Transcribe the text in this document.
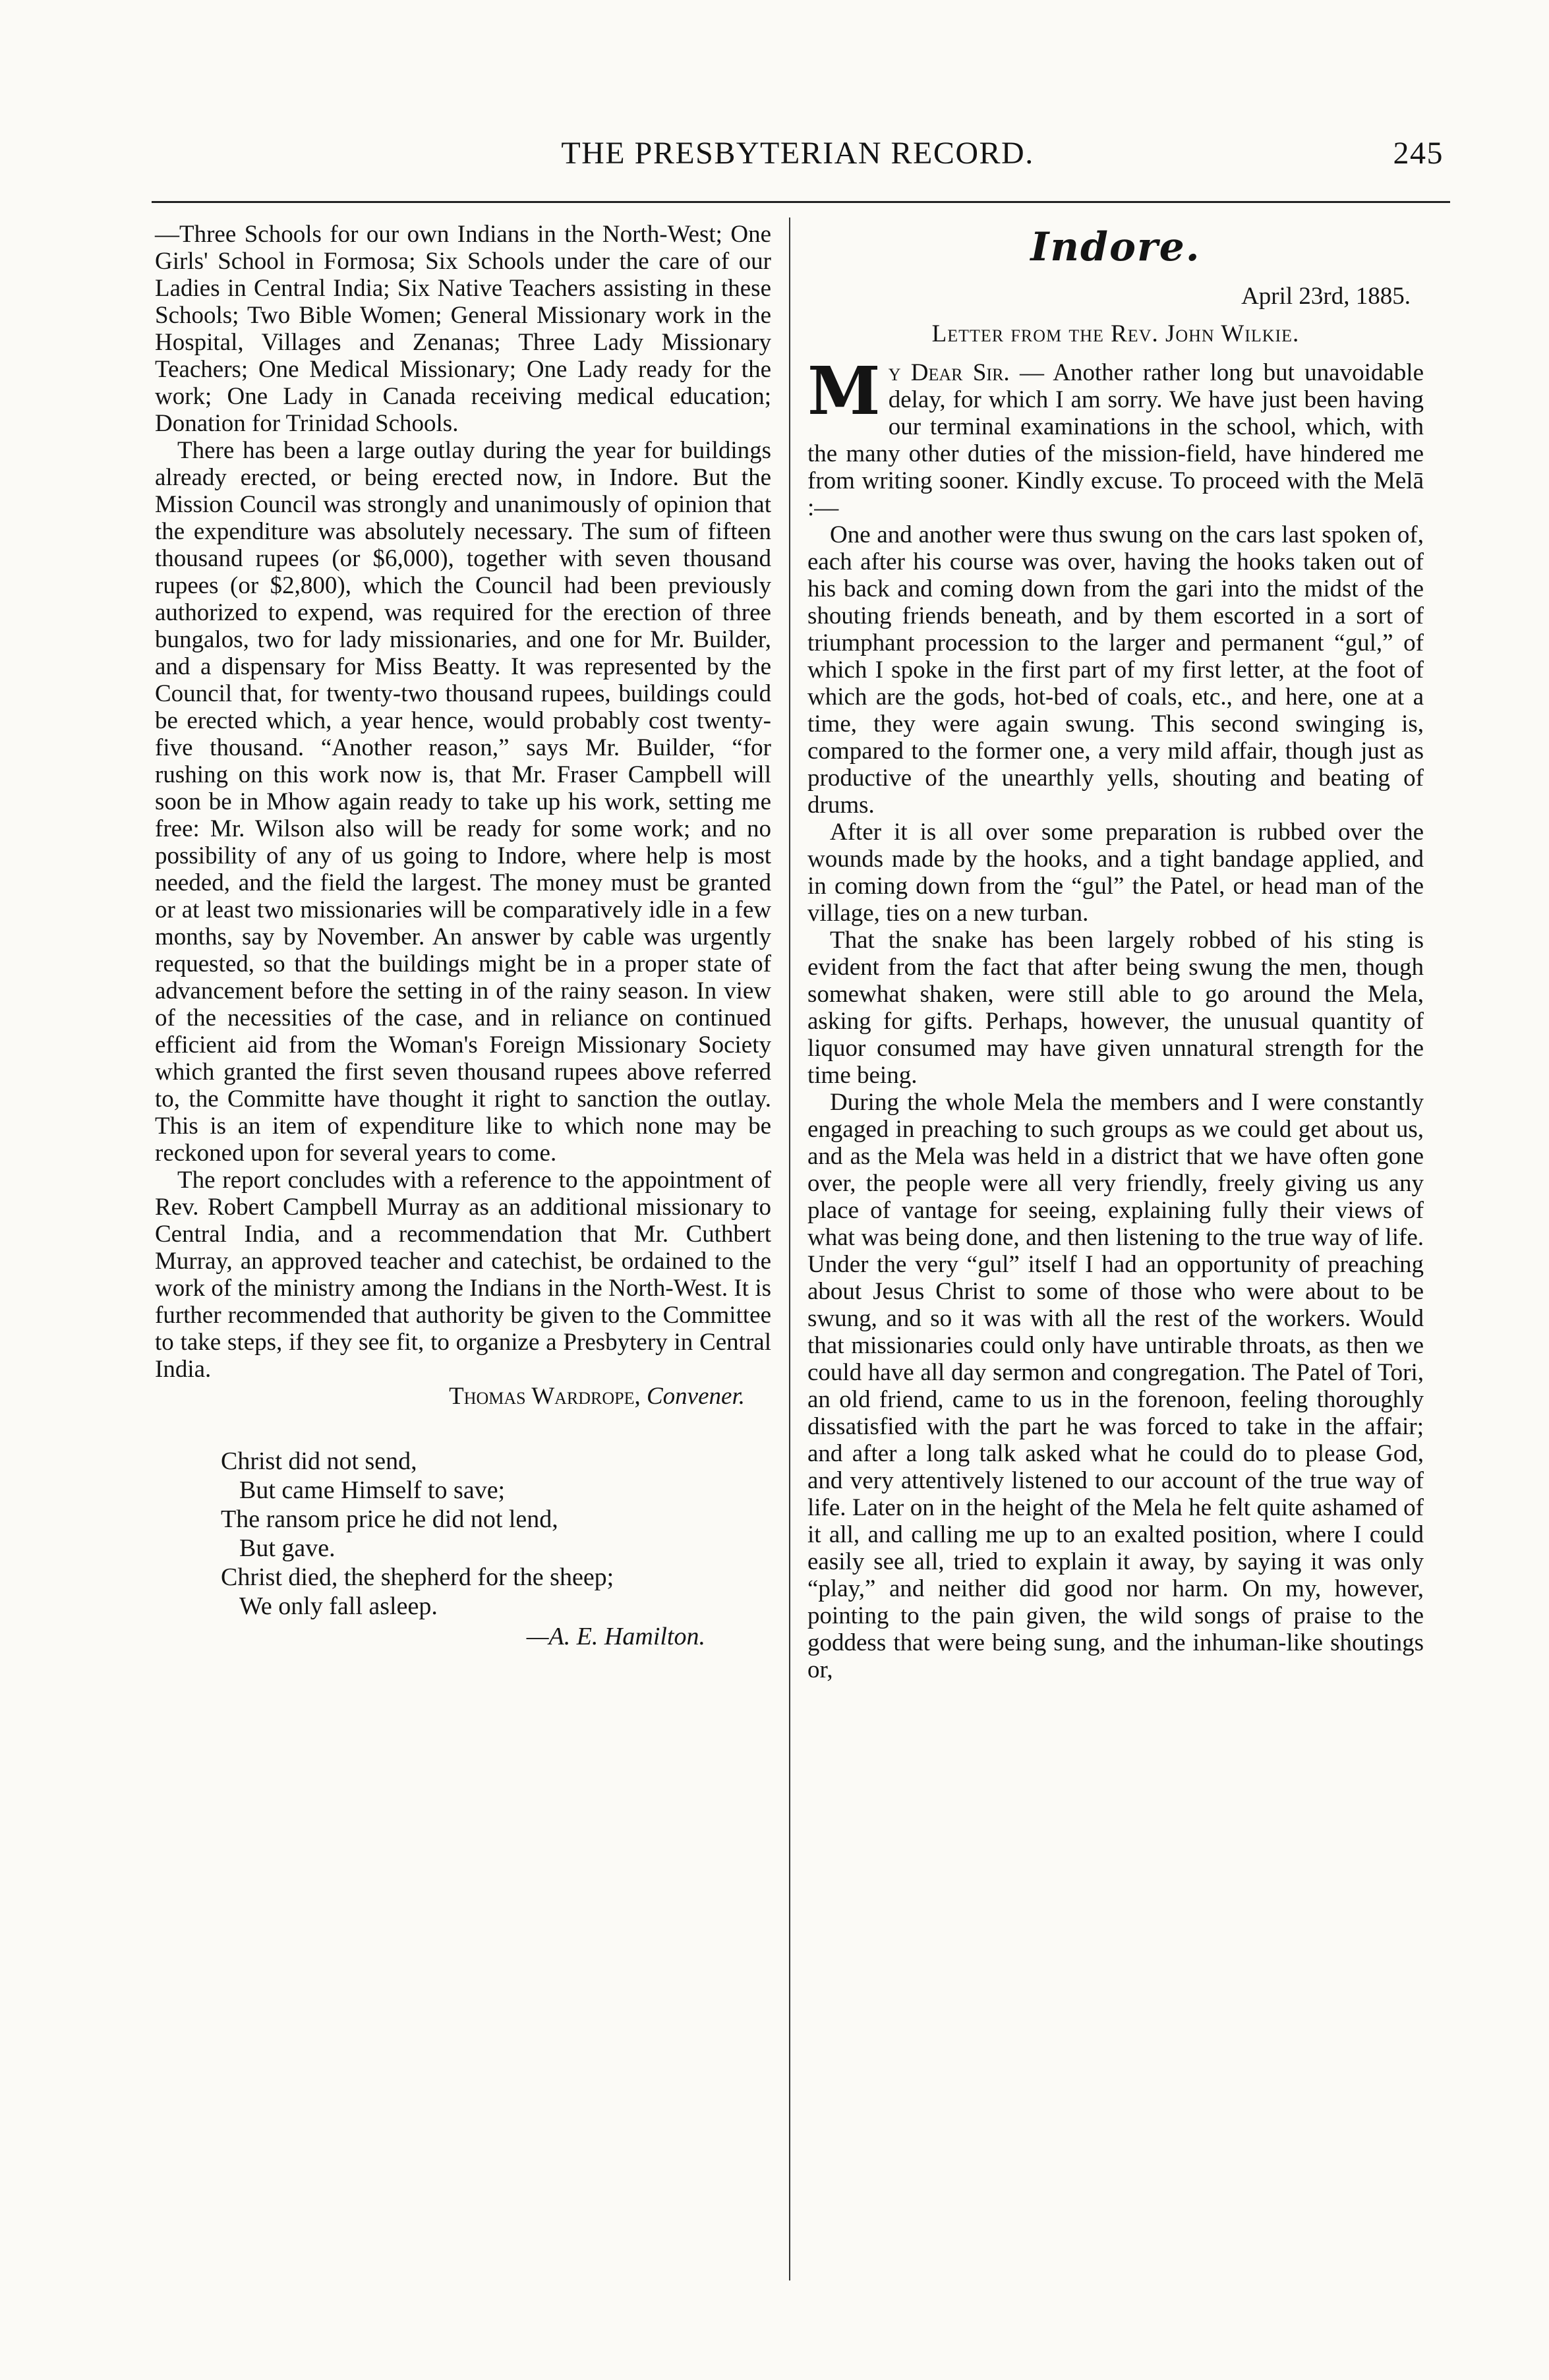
THE PRESBYTERIAN RECORD.	245

—Three Schools for our own Indians in the North-West; One Girls' School in Formosa; Six Schools under the care of our Ladies in Central India; Six Native Teachers assisting in these Schools; Two Bible Women; General Missionary work in the Hospital, Villages and Zenanas; Three Lady Missionary Teachers; One Medical Missionary; One Lady ready for the work; One Lady in Canada receiving medical education; Donation for Trinidad Schools.

There has been a large outlay during the year for buildings already erected, or being erected now, in Indore. But the Mission Council was strongly and unanimously of opinion that the expenditure was absolutely necessary. The sum of fifteen thousand rupees (or $6,000), together with seven thousand rupees (or $2,800), which the Council had been previously authorized to expend, was required for the erection of three bungalos, two for lady missionaries, and one for Mr. Builder, and a dispensary for Miss Beatty. It was represented by the Council that, for twenty-two thousand rupees, buildings could be erected which, a year hence, would probably cost twenty-five thousand. “Another reason,” says Mr. Builder, “for rushing on this work now is, that Mr. Fraser Campbell will soon be in Mhow again ready to take up his work, setting me free: Mr. Wilson also will be ready for some work; and no possibility of any of us going to Indore, where help is most needed, and the field the largest. The money must be granted or at least two missionaries will be comparatively idle in a few months, say by November. An answer by cable was urgently requested, so that the buildings might be in a proper state of advancement before the setting in of the rainy season. In view of the necessities of the case, and in reliance on continued efficient aid from the Woman's Foreign Missionary Society which granted the first seven thousand rupees above referred to, the Committe have thought it right to sanction the outlay. This is an item of expenditure like to which none may be reckoned upon for several years to come.

The report concludes with a reference to the appointment of Rev. Robert Campbell Murray as an additional missionary to Central India, and a recommendation that Mr. Cuthbert Murray, an approved teacher and catechist, be ordained to the work of the ministry among the Indians in the North-West. It is further recommended that authority be given to the Committee to take steps, if they see fit, to organize a Presbytery in Central India.

Thomas Wardrope, Convener.

Christ did not send,
But came Himself to save;
The ransom price he did not lend,
But gave.
Christ died, the shepherd for the sheep;
We only fall asleep.
—A. E. Hamilton.
Indore.
April 23rd, 1885.
Letter from the Rev. John Wilkie.

My Dear Sir. — Another rather long but unavoidable delay, for which I am sorry. We have just been having our terminal examinations in the school, which, with the many other duties of the mission-field, have hindered me from writing sooner. Kindly excuse. To proceed with the Melā :—

One and another were thus swung on the cars last spoken of, each after his course was over, having the hooks taken out of his back and coming down from the gari into the midst of the shouting friends beneath, and by them escorted in a sort of triumphant procession to the larger and permanent “gul,” of which I spoke in the first part of my first letter, at the foot of which are the gods, hot-bed of coals, etc., and here, one at a time, they were again swung. This second swinging is, compared to the former one, a very mild affair, though just as productive of the unearthly yells, shouting and beating of drums.

After it is all over some preparation is rubbed over the wounds made by the hooks, and a tight bandage applied, and in coming down from the “gul” the Patel, or head man of the village, ties on a new turban.

That the snake has been largely robbed of his sting is evident from the fact that after being swung the men, though somewhat shaken, were still able to go around the Mela, asking for gifts. Perhaps, however, the unusual quantity of liquor consumed may have given unnatural strength for the time being.

During the whole Mela the members and I were constantly engaged in preaching to such groups as we could get about us, and as the Mela was held in a district that we have often gone over, the people were all very friendly, freely giving us any place of vantage for seeing, explaining fully their views of what was being done, and then listening to the true way of life. Under the very “gul” itself I had an opportunity of preaching about Jesus Christ to some of those who were about to be swung, and so it was with all the rest of the workers. Would that missionaries could only have untirable throats, as then we could have all day sermon and congregation. The Patel of Tori, an old friend, came to us in the forenoon, feeling thoroughly dissatisfied with the part he was forced to take in the affair; and after a long talk asked what he could do to please God, and very attentively listened to our account of the true way of life. Later on in the height of the Mela he felt quite ashamed of it all, and calling me up to an exalted position, where I could easily see all, tried to explain it away, by saying it was only “play,” and neither did good nor harm. On my, however, pointing to the pain given, the wild songs of praise to the goddess that were being sung, and the inhuman-like shoutings or,
